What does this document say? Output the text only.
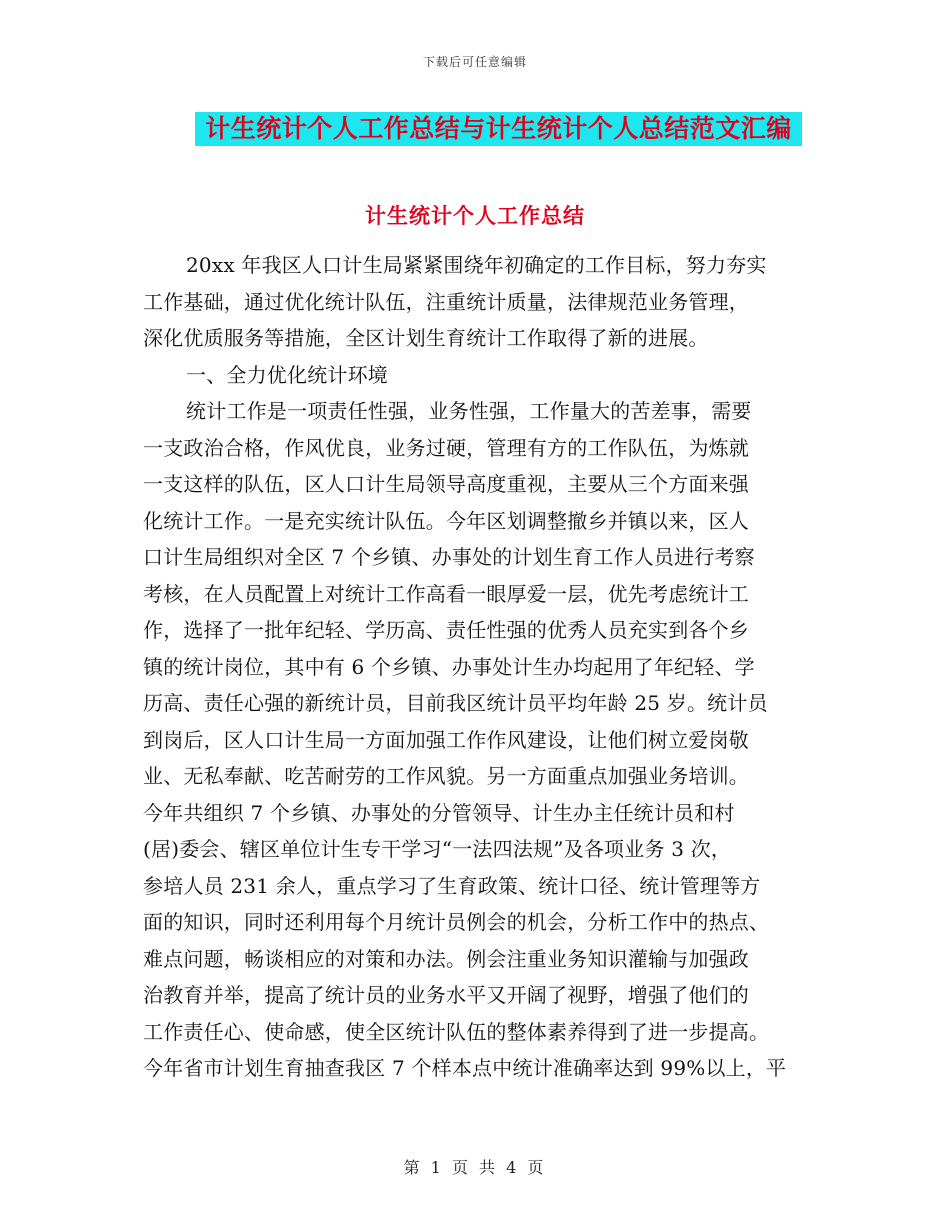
下载后可任意编辑
计生统计个人工作总结与计生统计个人总结范文汇编
计生统计个人工作总结
20xx 年我区人口计生局紧紧围绕年初确定的工作目标，努力夯实
工作基础，通过优化统计队伍，注重统计质量，法律规范业务管理，
深化优质服务等措施，全区计划生育统计工作取得了新的进展。
一、全力优化统计环境
统计工作是一项责任性强，业务性强，工作量大的苦差事，需要
一支政治合格，作风优良，业务过硬，管理有方的工作队伍，为炼就
一支这样的队伍，区人口计生局领导高度重视，主要从三个方面来强
化统计工作。一是充实统计队伍。今年区划调整撤乡并镇以来，区人
口计生局组织对全区 7 个乡镇、办事处的计划生育工作人员进行考察
考核，在人员配置上对统计工作高看一眼厚爱一层，优先考虑统计工
作，选择了一批年纪轻、学历高、责任性强的优秀人员充实到各个乡
镇的统计岗位，其中有 6 个乡镇、办事处计生办均起用了年纪轻、学
历高、责任心强的新统计员，目前我区统计员平均年龄 25 岁。统计员
到岗后，区人口计生局一方面加强工作作风建设，让他们树立爱岗敬
业、无私奉献、吃苦耐劳的工作风貌。另一方面重点加强业务培训。
今年共组织 7 个乡镇、办事处的分管领导、计生办主任统计员和村
(居)委会、辖区单位计生专干学习“一法四法规”及各项业务 3 次，
参培人员 231 余人，重点学习了生育政策、统计口径、统计管理等方
面的知识，同时还利用每个月统计员例会的机会，分析工作中的热点、
难点问题，畅谈相应的对策和办法。例会注重业务知识灌输与加强政
治教育并举，提高了统计员的业务水平又开阔了视野，增强了他们的
工作责任心、使命感，使全区统计队伍的整体素养得到了进一步提高。
今年省市计划生育抽查我区 7 个样本点中统计准确率达到 99%以上，平
第 1 页 共 4 页
